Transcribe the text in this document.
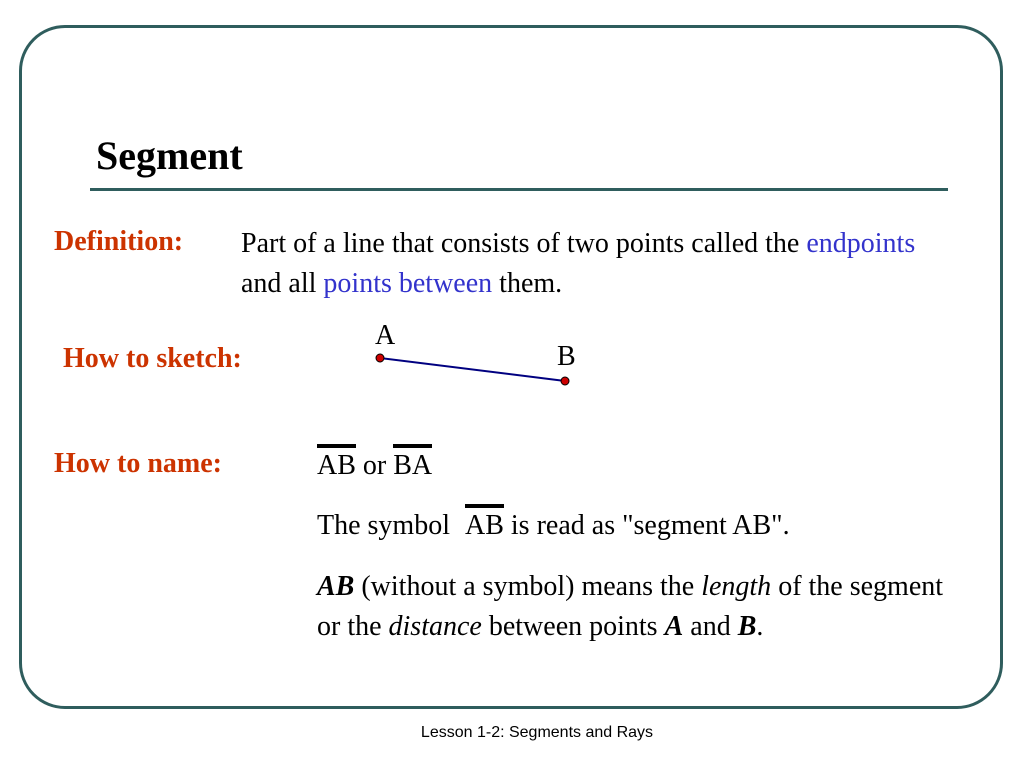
Segment
Definition: Part of a line that consists of two points called the endpoints and all points between them.
How to sketch:
A
B
How to name:	AB or BA
The symbol AB is read as "segment AB".
AB (without a symbol) means the length of the segment or the distance between points A and B.
Lesson 1-2: Segments and Rays
